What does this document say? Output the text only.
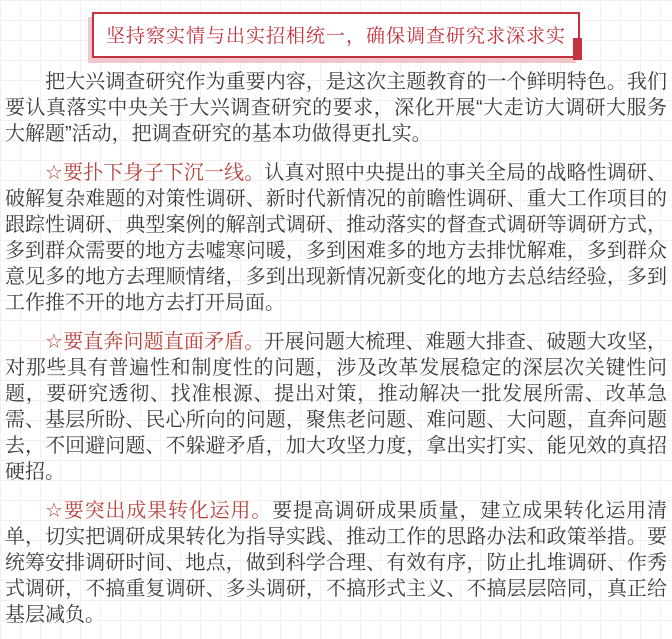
坚持察实情与出实招相统一，确保调查研究求深求实

把大兴调查研究作为重要内容，是这次主题教育的一个鲜明特色。我们要认真落实中央关于大兴调查研究的要求，深化开展“大走访大调研大服务大解题”活动，把调查研究的基本功做得更扎实。

☆要扑下身子下沉一线。认真对照中央提出的事关全局的战略性调研、破解复杂难题的对策性调研、新时代新情况的前瞻性调研、重大工作项目的跟踪性调研、典型案例的解剖式调研、推动落实的督查式调研等调研方式，多到群众需要的地方去嘘寒问暖，多到困难多的地方去排忧解难，多到群众意见多的地方去理顺情绪，多到出现新情况新变化的地方去总结经验，多到工作推不开的地方去打开局面。

☆要直奔问题直面矛盾。开展问题大梳理、难题大排查、破题大攻坚，对那些具有普遍性和制度性的问题，涉及改革发展稳定的深层次关键性问题，要研究透彻、找准根源、提出对策，推动解决一批发展所需、改革急需、基层所盼、民心所向的问题，聚焦老问题、难问题、大问题，直奔问题去，不回避问题、不躲避矛盾，加大攻坚力度，拿出实打实、能见效的真招硬招。

☆要突出成果转化运用。要提高调研成果质量，建立成果转化运用清单，切实把调研成果转化为指导实践、推动工作的思路办法和政策举措。要统筹安排调研时间、地点，做到科学合理、有效有序，防止扎堆调研、作秀式调研，不搞重复调研、多头调研，不搞形式主义、不搞层层陪同，真正给基层减负。
